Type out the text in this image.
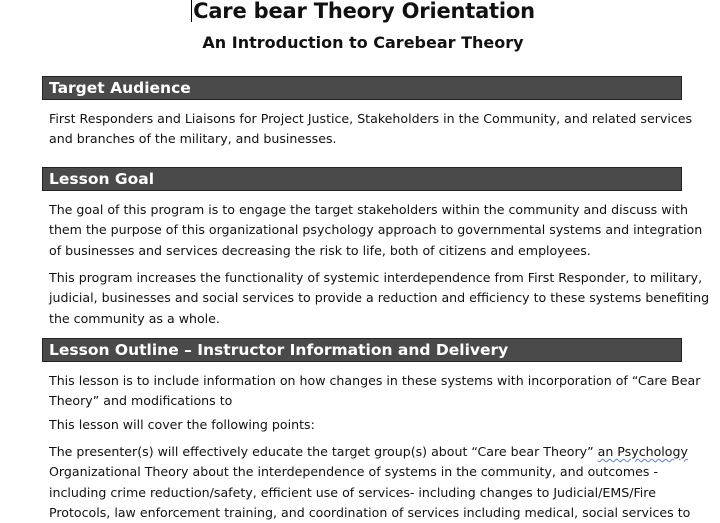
Care bear Theory Orientation
An Introduction to Carebear Theory
Target Audience
First Responders and Liaisons for Project Justice, Stakeholders in the Community, and related services
and branches of the military, and businesses.
Lesson Goal
The goal of this program is to engage the target stakeholders within the community and discuss with
them the purpose of this organizational psychology approach to governmental systems and integration
of businesses and services decreasing the risk to life, both of citizens and employees.
This program increases the functionality of systemic interdependence from First Responder, to military,
judicial, businesses and social services to provide a reduction and efficiency to these systems benefiting
the community as a whole.
Lesson Outline – Instructor Information and Delivery
This lesson is to include information on how changes in these systems with incorporation of “Care Bear
Theory” and modifications to
This lesson will cover the following points:
The presenter(s) will effectively educate the target group(s) about “Care bear Theory” an Psychology
Organizational Theory about the interdependence of systems in the community, and outcomes -
including crime reduction/safety, efficient use of services- including changes to Judicial/EMS/Fire
Protocols, law enforcement training, and coordination of services including medical, social services to
